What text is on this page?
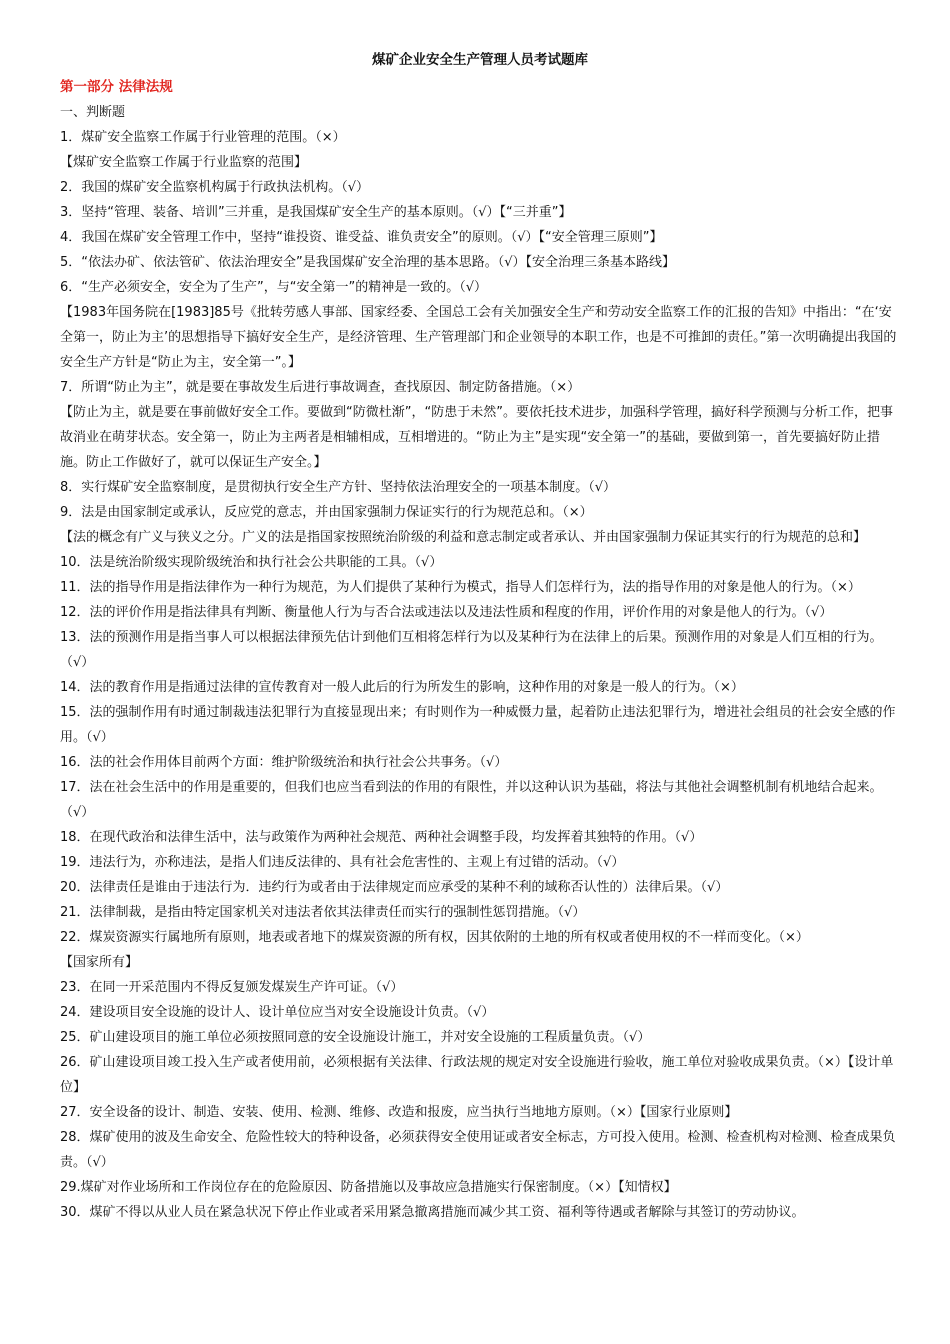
煤矿企业安全生产管理人员考试题库
第一部分 法律法规
一、判断题
1．煤矿安全监察工作属于行业管理的范围。（×）
【煤矿安全监察工作属于行业监察的范围】
2．我国的煤矿安全监察机构属于行政执法机构。（√）
3．坚持“管理、装备、培训”三并重，是我国煤矿安全生产的基本原则。（√）【“三并重”】
4．我国在煤矿安全管理工作中，坚持“谁投资、谁受益、谁负责安全”的原则。（√）【“安全管理三原则”】
5．“依法办矿、依法管矿、依法治理安全”是我国煤矿安全治理的基本思路。（√）【安全治理三条基本路线】
6．“生产必须安全，安全为了生产”，与“安全第一”的精神是一致的。（√）
【1983年国务院在[1983]85号《批转劳感人事部、国家经委、全国总工会有关加强安全生产和劳动安全监察工作的汇报的告知》中指出：“在‘安全第一，防止为主’的思想指导下搞好安全生产，是经济管理、生产管理部门和企业领导的本职工作，也是不可推卸的责任。”第一次明确提出我国的安全生产方针是“防止为主，安全第一”。】
7．所谓“防止为主”，就是要在事故发生后进行事故调查，查找原因、制定防备措施。（×）
【防止为主，就是要在事前做好安全工作。要做到“防微杜渐”，“防患于未然”。要依托技术进步，加强科学管理，搞好科学预测与分析工作，把事故消业在萌芽状态。安全第一，防止为主两者是相辅相成，互相增进的。“防止为主”是实现“安全第一”的基础，要做到第一，首先要搞好防止措施。防止工作做好了，就可以保证生产安全。】
8．实行煤矿安全监察制度，是贯彻执行安全生产方针、坚持依法治理安全的一项基本制度。（√）
9．法是由国家制定或承认，反应党的意志，并由国家强制力保证实行的行为规范总和。（×）
【法的概念有广义与狭义之分。广义的法是指国家按照统治阶级的利益和意志制定或者承认、并由国家强制力保证其实行的行为规范的总和】
10．法是统治阶级实现阶级统治和执行社会公共职能的工具。（√）
11．法的指导作用是指法律作为一种行为规范，为人们提供了某种行为模式，指导人们怎样行为，法的指导作用的对象是他人的行为。（×）
12．法的评价作用是指法律具有判断、衡量他人行为与否合法或违法以及违法性质和程度的作用，评价作用的对象是他人的行为。（√）
13．法的预测作用是指当事人可以根据法律预先估计到他们互相将怎样行为以及某种行为在法律上的后果。预测作用的对象是人们互相的行为。（√）
14．法的教育作用是指通过法律的宣传教育对一般人此后的行为所发生的影响，这种作用的对象是一般人的行为。（×）
15．法的强制作用有时通过制裁违法犯罪行为直接显现出来；有时则作为一种威慑力量，起着防止违法犯罪行为，增进社会组员的社会安全感的作用。（√）
16．法的社会作用体目前两个方面：维护阶级统治和执行社会公共事务。（√）
17．法在社会生活中的作用是重要的，但我们也应当看到法的作用的有限性，并以这种认识为基础，将法与其他社会调整机制有机地结合起来。（√）
18．在现代政治和法律生活中，法与政策作为两种社会规范、两种社会调整手段，均发挥着其独特的作用。（√）
19．违法行为，亦称违法，是指人们违反法律的、具有社会危害性的、主观上有过错的活动。（√）
20．法律责任是谁由于违法行为．违约行为或者由于法律规定而应承受的某种不利的域称否认性的）法律后果。（√）
21．法律制裁，是指由特定国家机关对违法者依其法律责任而实行的强制性惩罚措施。（√）
22．煤炭资源实行属地所有原则，地表或者地下的煤炭资源的所有权，因其依附的土地的所有权或者使用权的不一样而变化。（×）
【国家所有】
23．在同一开采范围内不得反复颁发煤炭生产许可证。（√）
24．建设项目安全设施的设计人、设计单位应当对安全设施设计负责。（√）
25．矿山建设项目的施工单位必须按照同意的安全设施设计施工，并对安全设施的工程质量负责。（√）
26．矿山建设项目竣工投入生产或者使用前，必须根据有关法律、行政法规的规定对安全设施进行验收，施工单位对验收成果负责。（×）【设计单位】
27．安全设备的设计、制造、安装、使用、检测、维修、改造和报废，应当执行当地地方原则。（×）【国家行业原则】
28．煤矿使用的波及生命安全、危险性较大的特种设备，必须获得安全使用证或者安全标志，方可投入使用。检测、检查机构对检测、检查成果负责。（√）
29.煤矿对作业场所和工作岗位存在的危险原因、防备措施以及事故应急措施实行保密制度。（×）【知情权】
30．煤矿不得以从业人员在紧急状况下停止作业或者采用紧急撤离措施而减少其工资、福利等待遇或者解除与其签订的劳动协议。
